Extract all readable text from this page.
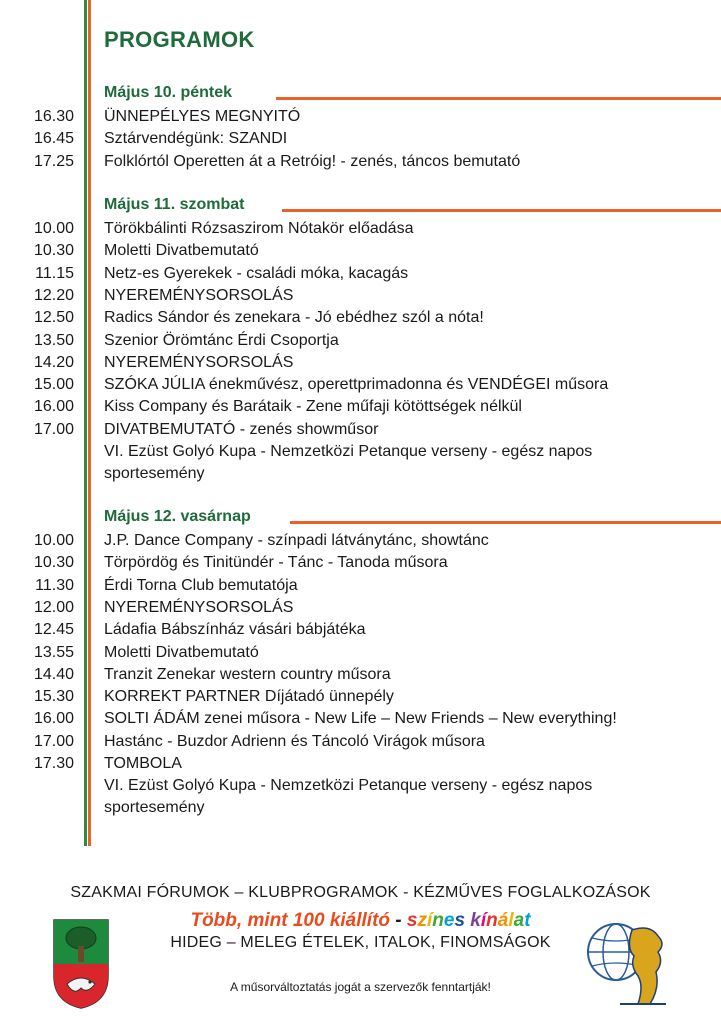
PROGRAMOK
Május 10. péntek
16.30 ÜNNEPÉLYES MEGNYITÓ
16.45 Sztárvendégünk: SZANDI
17.25 Folklórtól Operetten át a Retróig! - zenés, táncos bemutató
Május 11. szombat
10.00 Törökbálinti Rózsaszirom Nótakör előadása
10.30 Moletti Divatbemutató
11.15 Netz-es Gyerekek - családi móka, kacagás
12.20 NYEREMÉNYSORSOLÁS
12.50 Radics Sándor és zenekara - Jó ebédhez szól a nóta!
13.50 Szenior Örömtánc Érdi Csoportja
14.20 NYEREMÉNYSORSOLÁS
15.00 SZÓKA JÚLIA énekművész, operettprimadonna és VENDÉGEI műsora
16.00 Kiss Company és Barátaik - Zene műfaji kötöttségek nélkül
17.00 DIVATBEMUTATÓ - zenés showműsor
VI. Ezüst Golyó Kupa - Nemzetközi Petanque verseny - egész napos sportesemény
Május 12. vasárnap
10.00 J.P. Dance Company - színpadi látványtánc, showtánc
10.30 Törpördög és Tinitündér - Tánc - Tanoda műsora
11.30 Érdi Torna Club bemutatója
12.00 NYEREMÉNYSORSOLÁS
12.45 Ládafia Bábszínház vásári bábjátéka
13.55 Moletti Divatbemutató
14.40 Tranzit Zenekar western country műsora
15.30 KORREKT PARTNER Díjátadó ünnepély
16.00 SOLTI ÁDÁM zenei műsora - New Life – New Friends – New everything!
17.00 Hastánc - Buzdor Adrienn és Táncoló Virágok műsora
17.30 TOMBOLA
VI. Ezüst Golyó Kupa - Nemzetközi Petanque verseny - egész napos sportesemény
SZAKMAI FÓRUMOK – KLUBPROGRAMOK - KÉZMŰVES FOGLALKOZÁSOK
Több, mint 100 kiállító - színes kínálat
HIDEG – MELEG ÉTELEK, ITALOK, FINOMSÁGOK
A műsorváltoztatás jogát a szervezők fenntartják!
